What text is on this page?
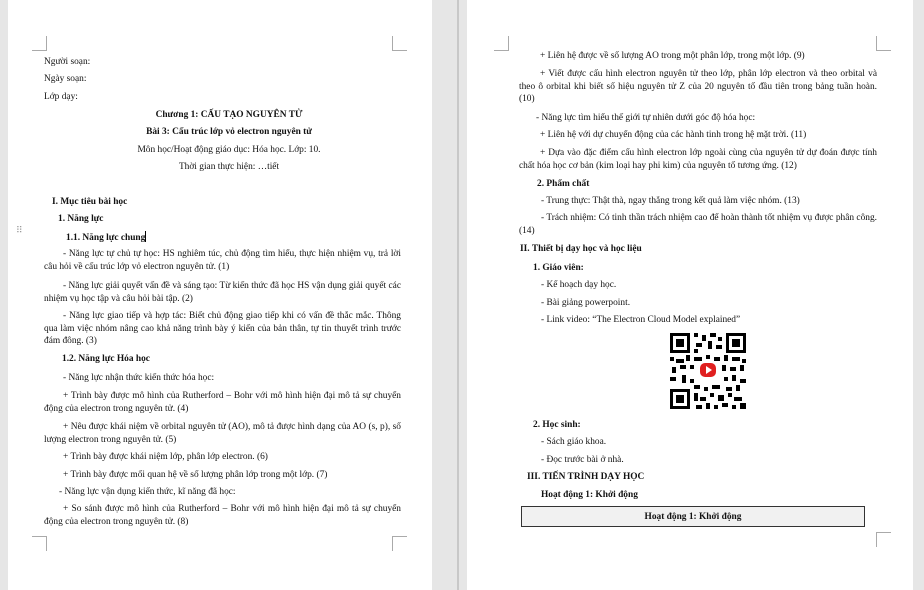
⠿
Người soạn:
Ngày soạn:
Lớp dạy:
Chương 1: CẤU TẠO NGUYÊN TỬ
Bài 3: Cấu trúc lớp vỏ electron nguyên tử
Môn học/Hoạt động giáo dục: Hóa học. Lớp: 10.
Thời gian thực hiện: …tiết
I. Mục tiêu bài học
1. Năng lực
1.1. Năng lực chung
- Năng lực tự chủ tự học: HS nghiêm túc, chủ động tìm hiểu, thực hiện nhiệm vụ, trả lời câu hỏi về cấu trúc lớp vỏ electron nguyên tử. (1)
- Năng lực giải quyết vấn đề và sáng tạo: Từ kiến thức đã học HS vận dụng giải quyết các nhiệm vụ học tập và câu hỏi bài tập. (2)
- Năng lực giao tiếp và hợp tác: Biết chủ động giao tiếp khi có vấn đề thắc mắc. Thông qua làm việc nhóm nâng cao khả năng trình bày ý kiến của bản thân, tự tin thuyết trình trước đám đông. (3)
1.2. Năng lực Hóa học
- Năng lực nhận thức kiến thức hóa học:
+ Trình bày được mô hình của Rutherford – Bohr với mô hình hiện đại mô tả sự chuyển động của electron trong nguyên tử. (4)
+ Nêu được khái niệm về orbital nguyên tử (AO), mô tả được hình dạng của AO (s, p), số lượng electron trong nguyên tử. (5)
+ Trình bày được khái niệm lớp, phân lớp electron. (6)
+ Trình bày được mối quan hệ về số lượng phân lớp trong một lớp. (7)
- Năng lực vận dụng kiến thức, kĩ năng đã học:
+ So sánh được mô hình của Rutherford – Bohr với mô hình hiện đại mô tả sự chuyển động của electron trong nguyên tử. (8)
+ Liên hệ được về số lượng AO trong một phân lớp, trong một lớp. (9)
+ Viết được cấu hình electron nguyên tử theo lớp, phân lớp electron và theo orbital và theo ô orbital khi biết số hiệu nguyên tử Z của 20 nguyên tố đầu tiên trong bảng tuần hoàn. (10)
- Năng lực tìm hiểu thế giới tự nhiên dưới góc độ hóa học:
+ Liên hệ với dự chuyển động của các hành tinh trong hệ mặt trời. (11)
+ Dựa vào đặc điểm cấu hình electron lớp ngoài cùng của nguyên tử dự đoán được tính chất hóa học cơ bản (kim loại hay phi kim) của nguyên tố tương ứng. (12)
2. Phẩm chất
- Trung thực: Thật thà, ngay thẳng trong kết quả làm việc nhóm. (13)
- Trách nhiệm: Có tinh thần trách nhiệm cao để hoàn thành tốt nhiệm vụ được phân công. (14)
II. Thiết bị dạy học và học liệu
1. Giáo viên:
- Kế hoạch dạy học.
- Bài giảng powerpoint.
- Link video: “The Electron Cloud Model explained”
2. Học sinh:
- Sách giáo khoa.
- Đọc trước bài ở nhà.
III. TIẾN TRÌNH DẠY HỌC
Hoạt động 1: Khởi động
Hoạt động 1: Khởi động
